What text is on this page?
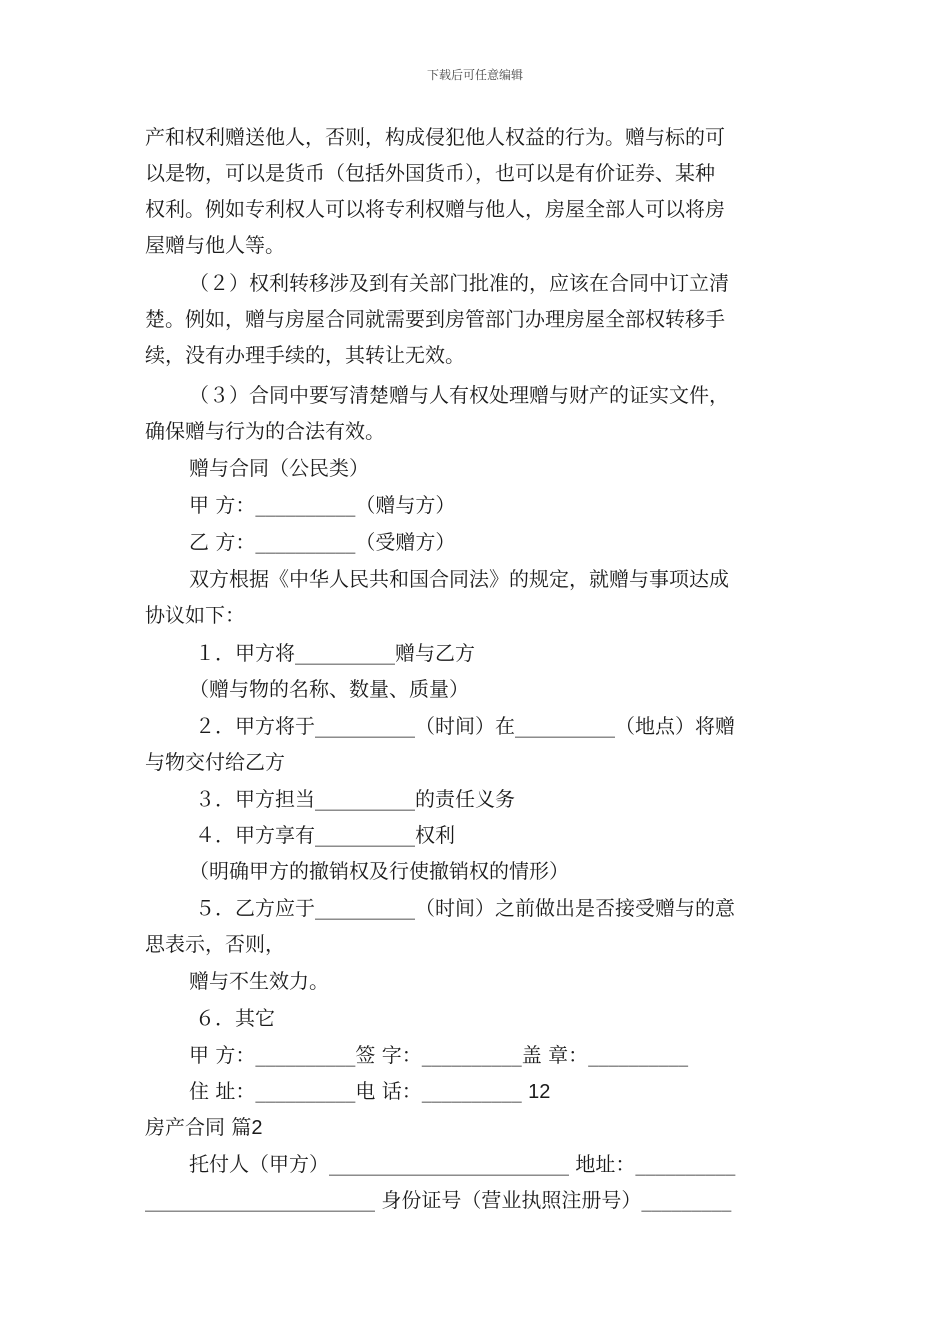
下载后可任意编辑
产和权利赠送他人，否则，构成侵犯他人权益的行为。赠与标的可
以是物，可以是货币（包括外国货币），也可以是有价证券、某种
权利。例如专利权人可以将专利权赠与他人，房屋全部人可以将房
屋赠与他人等。
（２）权利转移涉及到有关部门批准的，应该在合同中订立清
楚。例如，赠与房屋合同就需要到房管部门办理房屋全部权转移手
续，没有办理手续的，其转让无效。
（３）合同中要写清楚赠与人有权处理赠与财产的证实文件，
确保赠与行为的合法有效。
赠与合同（公民类）
甲 方：__________（赠与方）
乙 方：__________（受赠方）
双方根据《中华人民共和国合同法》的规定，就赠与事项达成
协议如下：
１．甲方将__________赠与乙方
（赠与物的名称、数量、质量）
２．甲方将于__________（时间）在__________（地点）将赠
与物交付给乙方
３．甲方担当__________的责任义务
４．甲方享有__________权利
（明确甲方的撤销权及行使撤销权的情形）
５．乙方应于__________（时间）之前做出是否接受赠与的意
思表示，否则，
赠与不生效力。
６．其它
甲 方：__________签 字：__________盖 章：__________
住 址：__________电 话：__________ 12
房产合同 篇2
托付人（甲方）________________________ 地址：__________
_______________________ 身份证号（营业执照注册号）_________
